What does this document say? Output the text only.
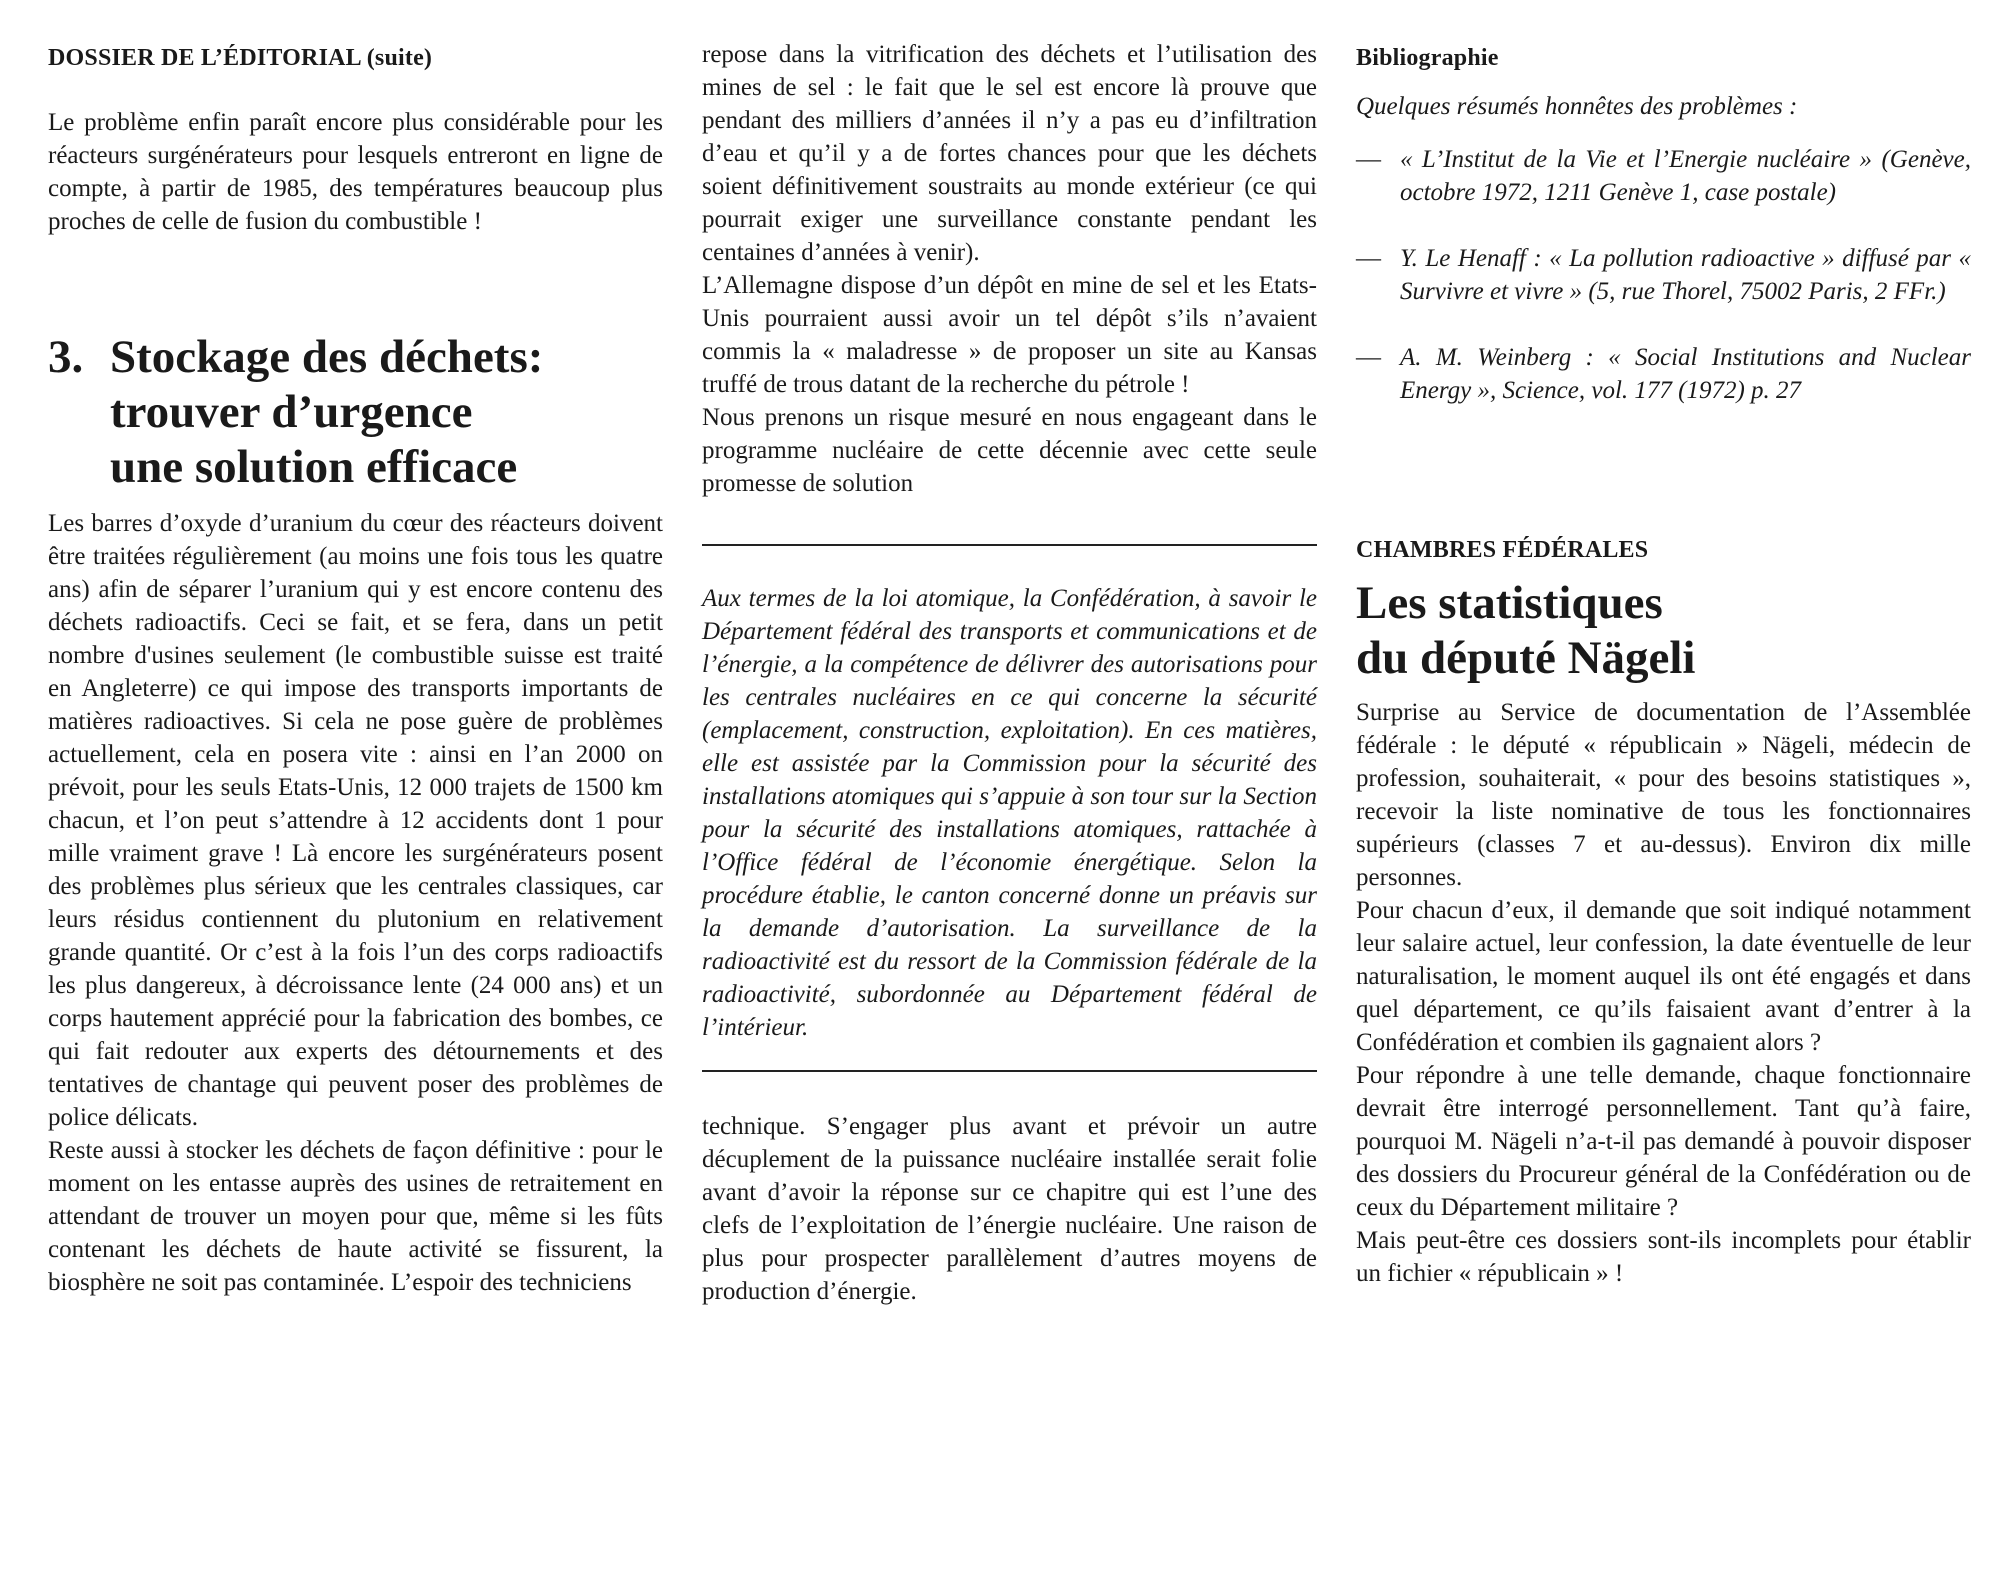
DOSSIER DE L’ÉDITORIAL (suite)

Le problème enfin paraît encore plus considérable pour les réacteurs surgénérateurs pour lesquels entreront en ligne de compte, à partir de 1985, des températures beaucoup plus proches de celle de fusion du combustible !

3. Stockage des déchets:
trouver d’urgence
une solution efficace

Les barres d’oxyde d’uranium du cœur des réacteurs doivent être traitées régulièrement (au moins une fois tous les quatre ans) afin de séparer l’uranium qui y est encore contenu des déchets radioactifs. Ceci se fait, et se fera, dans un petit nombre d'usines seulement (le combustible suisse est traité en Angleterre) ce qui impose des transports importants de matières radioactives. Si cela ne pose guère de problèmes actuellement, cela en posera vite : ainsi en l’an 2000 on prévoit, pour les seuls Etats-Unis, 12 000 trajets de 1500 km chacun, et l’on peut s’attendre à 12 accidents dont 1 pour mille vraiment grave ! Là encore les surgénérateurs posent des problèmes plus sérieux que les centrales classiques, car leurs résidus contiennent du plutonium en relativement grande quantité. Or c’est à la fois l’un des corps radioactifs les plus dangereux, à décroissance lente (24 000 ans) et un corps hautement apprécié pour la fabrication des bombes, ce qui fait redouter aux experts des détournements et des tentatives de chantage qui peuvent poser des problèmes de police délicats.

Reste aussi à stocker les déchets de façon définitive : pour le moment on les entasse auprès des usines de retraitement en attendant de trouver un moyen pour que, même si les fûts contenant les déchets de haute activité se fissurent, la biosphère ne soit pas contaminée. L’espoir des techniciens

repose dans la vitrification des déchets et l’utilisation des mines de sel : le fait que le sel est encore là prouve que pendant des milliers d’années il n’y a pas eu d’infiltration d’eau et qu’il y a de fortes chances pour que les déchets soient définitivement soustraits au monde extérieur (ce qui pourrait exiger une surveillance constante pendant les centaines d’années à venir).

L’Allemagne dispose d’un dépôt en mine de sel et les Etats-Unis pourraient aussi avoir un tel dépôt s’ils n’avaient commis la « maladresse » de proposer un site au Kansas truffé de trous datant de la recherche du pétrole !

Nous prenons un risque mesuré en nous engageant dans le programme nucléaire de cette décennie avec cette seule promesse de solution

Aux termes de la loi atomique, la Confédération, à savoir le Département fédéral des transports et communications et de l’énergie, a la compétence de délivrer des autorisations pour les centrales nucléaires en ce qui concerne la sécurité (emplacement, construction, exploitation). En ces matières, elle est assistée par la Commission pour la sécurité des installations atomiques qui s’appuie à son tour sur la Section pour la sécurité des installations atomiques, rattachée à l’Office fédéral de l’économie énergétique. Selon la procédure établie, le canton concerné donne un préavis sur la demande d’autorisation. La surveillance de la radioactivité est du ressort de la Commission fédérale de la radioactivité, subordonnée au Département fédéral de l’intérieur.

technique. S’engager plus avant et prévoir un autre décuplement de la puissance nucléaire installée serait folie avant d’avoir la réponse sur ce chapitre qui est l’une des clefs de l’exploitation de l’énergie nucléaire. Une raison de plus pour prospecter parallèlement d’autres moyens de production d’énergie.

Bibliographie

Quelques résumés honnêtes des problèmes :

— « L’Institut de la Vie et l’Energie nucléaire » (Genève, octobre 1972, 1211 Genève 1, case postale)
— Y. Le Henaff : « La pollution radioactive » diffusé par « Survivre et vivre » (5, rue Thorel, 75002 Paris, 2 FFr.)
— A. M. Weinberg : « Social Institutions and Nuclear Energy », Science, vol. 177 (1972) p. 27
CHAMBRES FÉDÉRALES
Les statistiques
du député Nägeli

Surprise au Service de documentation de l’Assemblée fédérale : le député « républicain » Nägeli, médecin de profession, souhaiterait, « pour des besoins statistiques », recevoir la liste nominative de tous les fonctionnaires supérieurs (classes 7 et au-dessus). Environ dix mille personnes.

Pour chacun d’eux, il demande que soit indiqué notamment leur salaire actuel, leur confession, la date éventuelle de leur naturalisation, le moment auquel ils ont été engagés et dans quel département, ce qu’ils faisaient avant d’entrer à la Confédération et combien ils gagnaient alors ?

Pour répondre à une telle demande, chaque fonctionnaire devrait être interrogé personnellement. Tant qu’à faire, pourquoi M. Nägeli n’a-t-il pas demandé à pouvoir disposer des dossiers du Procureur général de la Confédération ou de ceux du Département militaire ?

Mais peut-être ces dossiers sont-ils incomplets pour établir un fichier « républicain » !
